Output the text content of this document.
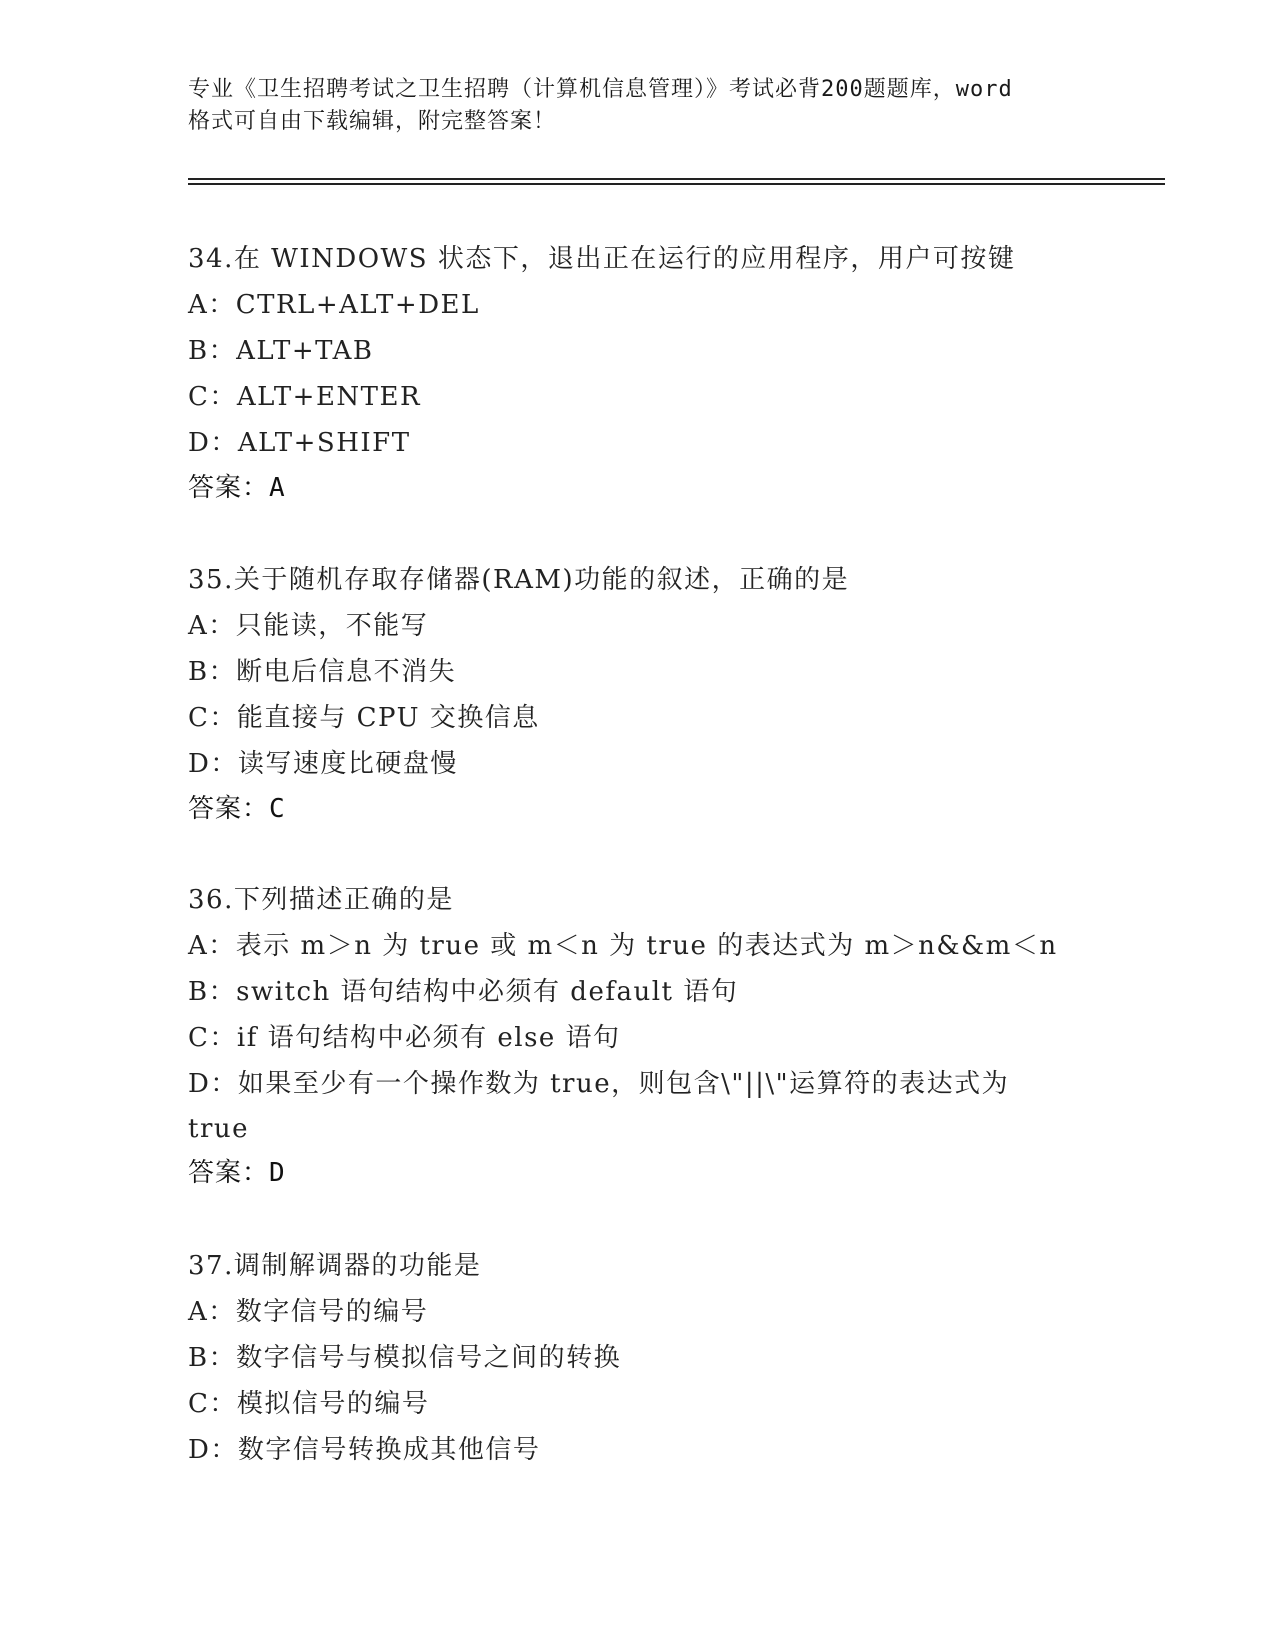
专业《卫生招聘考试之卫生招聘（计算机信息管理）》考试必背200题题库，word
格式可自由下载编辑，附完整答案！
34.在 WINDOWS 状态下，退出正在运行的应用程序，用户可按键
A：CTRL+ALT+DEL
B：ALT+TAB
C：ALT+ENTER
D：ALT+SHIFT
答案：A
35.关于随机存取存储器(RAM)功能的叙述，正确的是
A：只能读，不能写
B：断电后信息不消失
C：能直接与 CPU 交换信息
D：读写速度比硬盘慢
答案：C
36.下列描述正确的是
A：表示 m＞n 为 true 或 m＜n 为 true 的表达式为 m＞n&&m＜n
B：switch 语句结构中必须有 default 语句
C：if 语句结构中必须有 else 语句
D：如果至少有一个操作数为 true，则包含\"||\"运算符的表达式为
true
答案：D
37.调制解调器的功能是
A：数字信号的编号
B：数字信号与模拟信号之间的转换
C：模拟信号的编号
D：数字信号转换成其他信号
